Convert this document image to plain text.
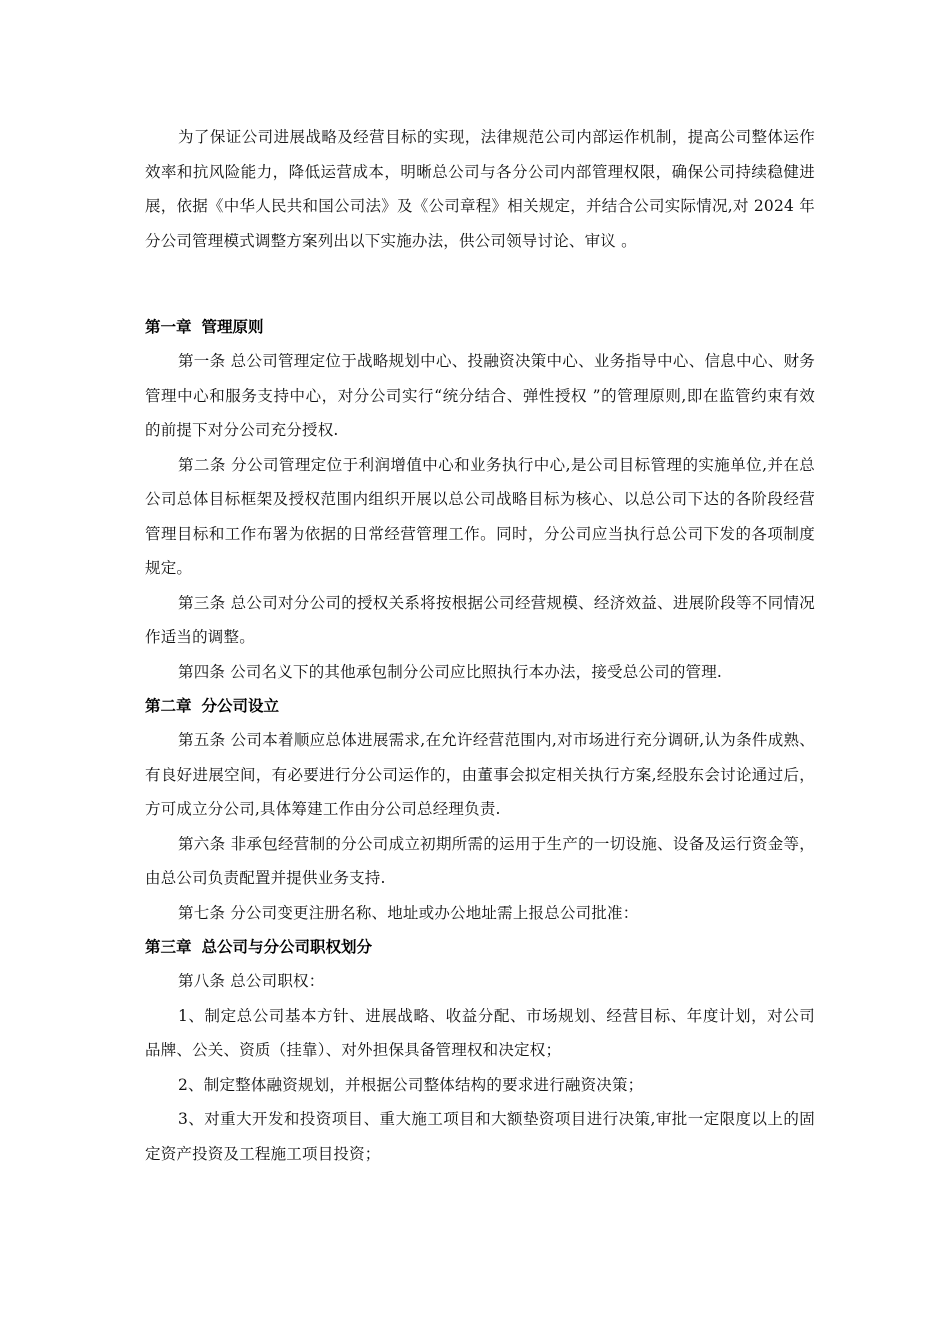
为了保证公司进展战略及经营目标的实现，法律规范公司内部运作机制，提高公司整体运作效率和抗风险能力，降低运营成本，明晰总公司与各分公司内部管理权限，确保公司持续稳健进展，依据《中华人民共和国公司法》及《公司章程》相关规定，并结合公司实际情况,对 2024 年分公司管理模式调整方案列出以下实施办法，供公司领导讨论、审议 。

第一章 管理原则

第一条 总公司管理定位于战略规划中心、投融资决策中心、业务指导中心、信息中心、财务管理中心和服务支持中心，对分公司实行“统分结合、弹性授权 ”的管理原则,即在监管约束有效的前提下对分公司充分授权.

第二条 分公司管理定位于利润增值中心和业务执行中心,是公司目标管理的实施单位,并在总公司总体目标框架及授权范围内组织开展以总公司战略目标为核心、以总公司下达的各阶段经营管理目标和工作布署为依据的日常经营管理工作。同时，分公司应当执行总公司下发的各项制度规定。

第三条 总公司对分公司的授权关系将按根据公司经营规模、经济效益、进展阶段等不同情况作适当的调整。

第四条 公司名义下的其他承包制分公司应比照执行本办法，接受总公司的管理.

第二章 分公司设立

第五条 公司本着顺应总体进展需求,在允许经营范围内,对市场进行充分调研,认为条件成熟、有良好进展空间，有必要进行分公司运作的，由董事会拟定相关执行方案,经股东会讨论通过后，方可成立分公司,具体筹建工作由分公司总经理负责.

第六条 非承包经营制的分公司成立初期所需的运用于生产的一切设施、设备及运行资金等，由总公司负责配置并提供业务支持.

第七条 分公司变更注册名称、地址或办公地址需上报总公司批准：

第三章 总公司与分公司职权划分

第八条 总公司职权：

1、制定总公司基本方针、进展战略、收益分配、市场规划、经营目标、年度计划，对公司品牌、公关、资质（挂靠）、对外担保具备管理权和决定权；

2、制定整体融资规划，并根据公司整体结构的要求进行融资决策；

3、对重大开发和投资项目、重大施工项目和大额垫资项目进行决策,审批一定限度以上的固定资产投资及工程施工项目投资；
